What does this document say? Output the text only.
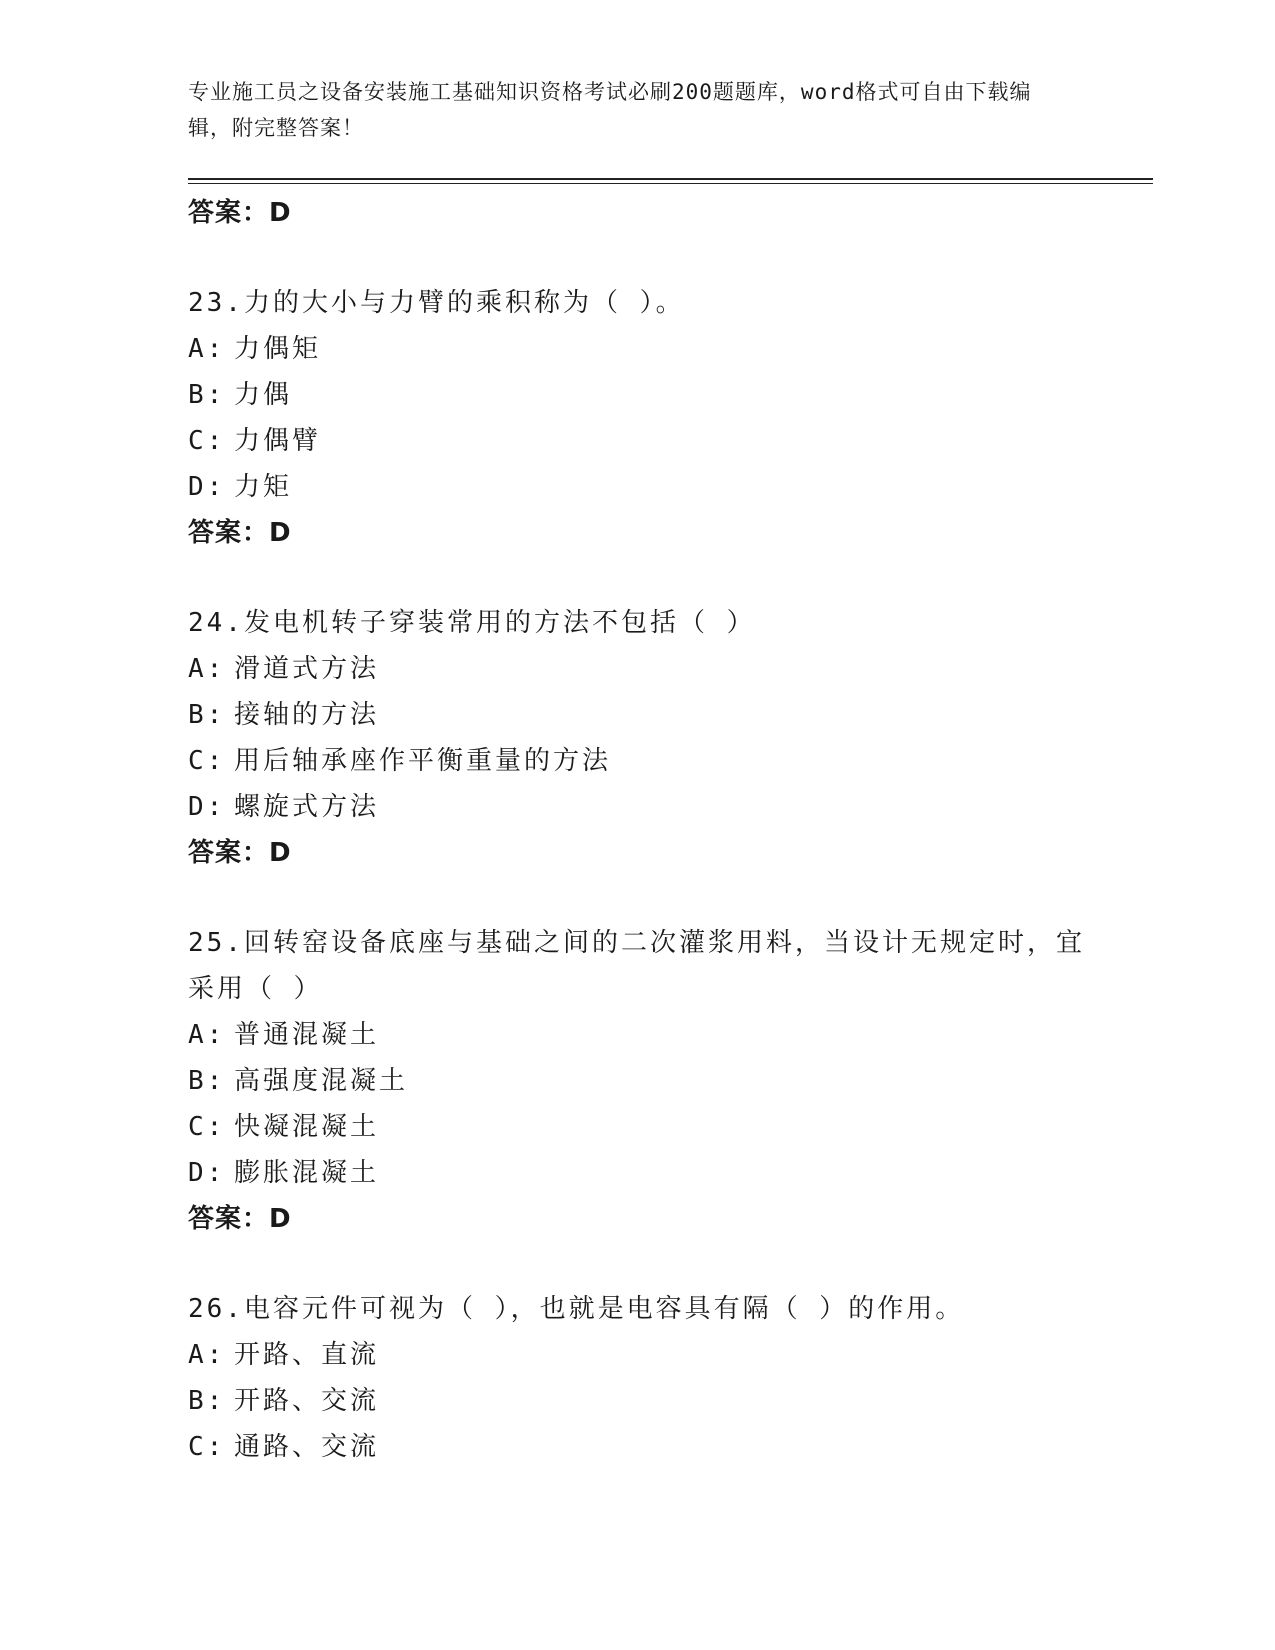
专业施工员之设备安装施工基础知识资格考试必刷200题题库，word格式可自由下载编辑，附完整答案！
答案：D
23.力的大小与力臂的乘积称为（ ）。
A: 力偶矩
B: 力偶
C: 力偶臂
D: 力矩
答案：D
24.发电机转子穿装常用的方法不包括（ ）
A: 滑道式方法
B: 接轴的方法
C: 用后轴承座作平衡重量的方法
D: 螺旋式方法
答案：D
25.回转窑设备底座与基础之间的二次灌浆用料，当设计无规定时，宜采用（ ）
A: 普通混凝土
B: 高强度混凝土
C: 快凝混凝土
D: 膨胀混凝土
答案：D
26.电容元件可视为（ ），也就是电容具有隔（ ）的作用。
A: 开路、直流
B: 开路、交流
C: 通路、交流
